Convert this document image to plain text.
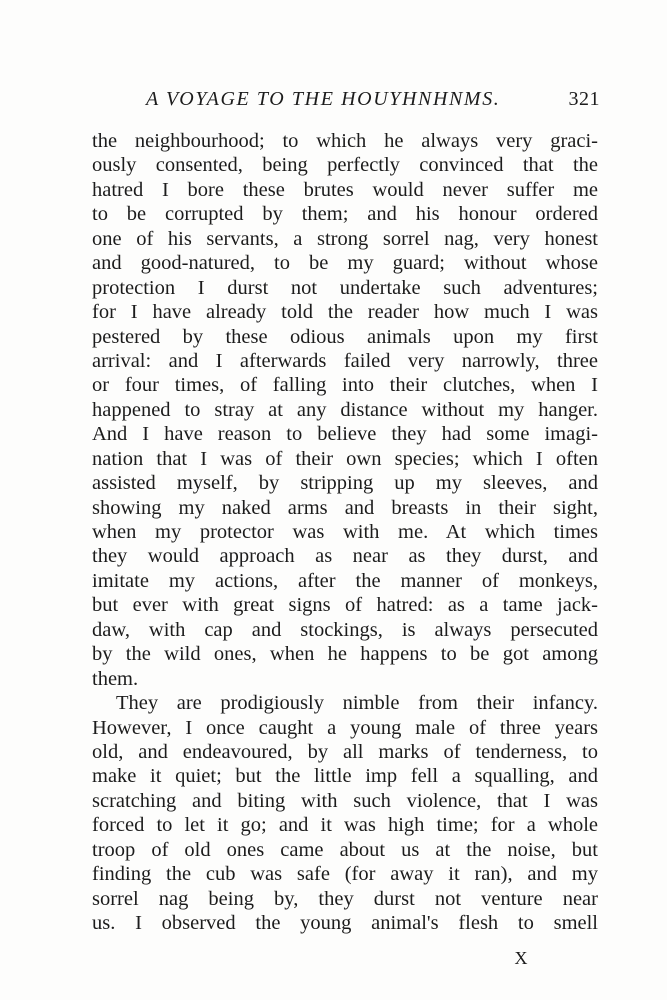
A VOYAGE TO THE HOUYHNHNMS.	321
the neighbourhood; to which he always very graci-
ously consented, being perfectly convinced that the
hatred I bore these brutes would never suffer me
to be corrupted by them; and his honour ordered
one of his servants, a strong sorrel nag, very honest
and good-natured, to be my guard; without whose
protection I durst not undertake such adventures;
for I have already told the reader how much I was
pestered by these odious animals upon my first
arrival: and I afterwards failed very narrowly, three
or four times, of falling into their clutches, when I
happened to stray at any distance without my hanger.
And I have reason to believe they had some imagi-
nation that I was of their own species; which I often
assisted myself, by stripping up my sleeves, and
showing my naked arms and breasts in their sight,
when my protector was with me. At which times
they would approach as near as they durst, and
imitate my actions, after the manner of monkeys,
but ever with great signs of hatred: as a tame jack-
daw, with cap and stockings, is always persecuted
by the wild ones, when he happens to be got among
them.
They are prodigiously nimble from their infancy.
However, I once caught a young male of three years
old, and endeavoured, by all marks of tenderness, to
make it quiet; but the little imp fell a squalling, and
scratching and biting with such violence, that I was
forced to let it go; and it was high time; for a whole
troop of old ones came about us at the noise, but
finding the cub was safe (for away it ran), and my
sorrel nag being by, they durst not venture near
us. I observed the young animal's flesh to smell
X
